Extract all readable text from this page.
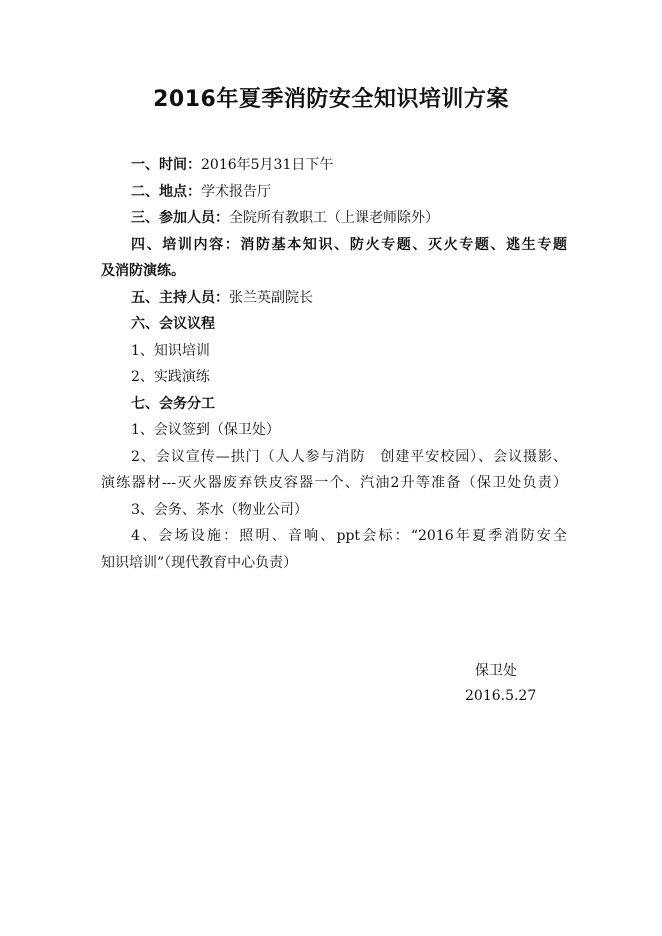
2016年夏季消防安全知识培训方案
一、时间：2016年5月31日下午
二、地点：学术报告厅
三、参加人员：全院所有教职工（上课老师除外）
四、培训内容：消防基本知识、防火专题、灭火专题、逃生专题
及消防演练。
五、主持人员：张兰英副院长
六、会议议程
1、知识培训
2、实践演练
七、会务分工
1、会议签到（保卫处）
2、会议宣传—拱门（人人参与消防　创建平安校园）、会议摄影、
演练器材---灭火器废弃铁皮容器一个、汽油2升等准备（保卫处负责）
3、会务、茶水（物业公司）
4、会场设施：照明、音响、ppt会标：“2016年夏季消防安全
知识培训”（现代教育中心负责）
保卫处
2016.5.27
